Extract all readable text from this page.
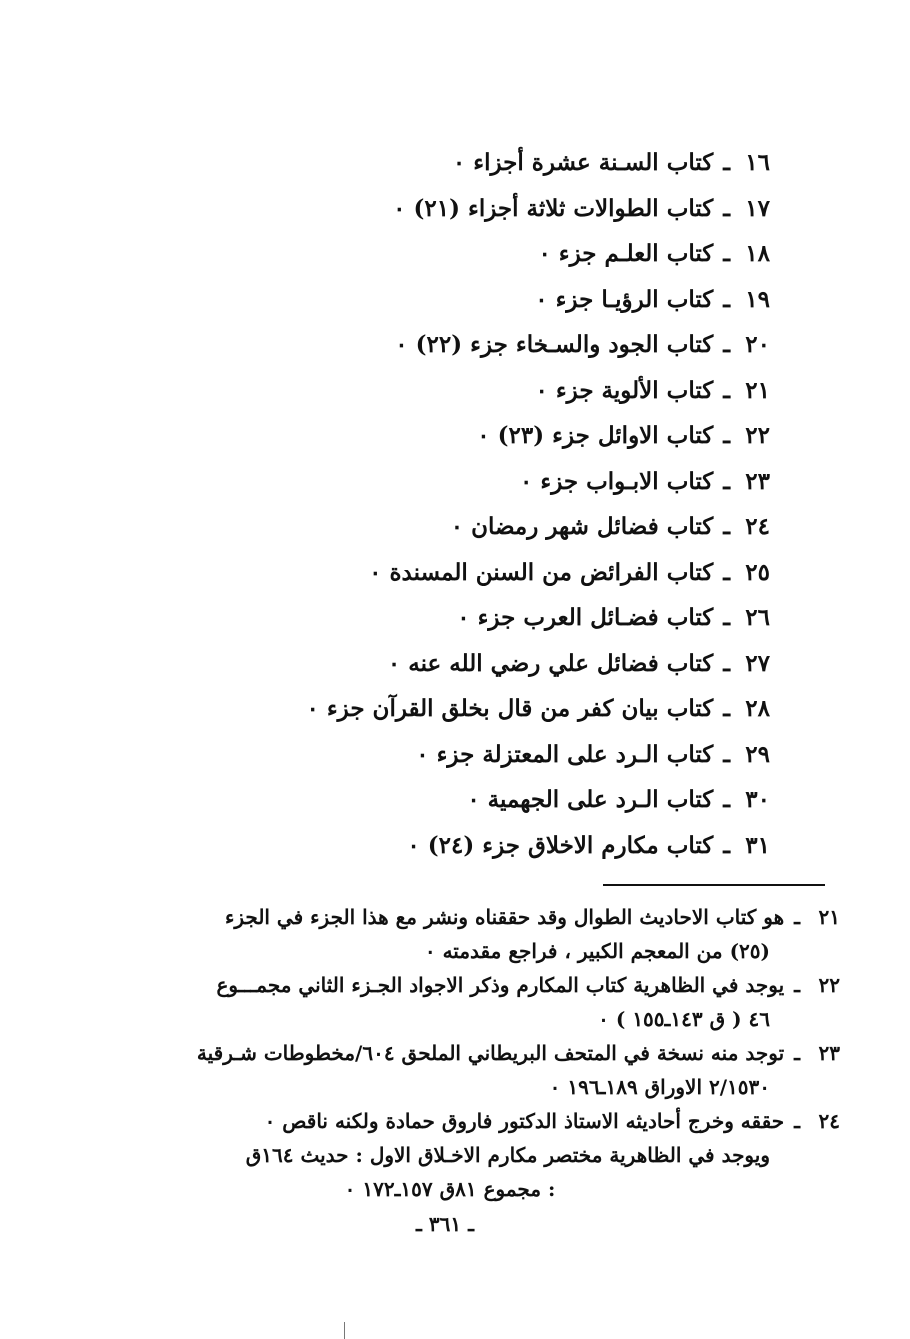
١٦ـكتاب السـنة عشرة أجزاء ٠
١٧ـكتاب الطوالات ثلاثة أجزاء (٢١) ٠
١٨ـكتاب العلـم جزء ٠
١٩ـكتاب الرؤيـا جزء ٠
٢٠ـكتاب الجود والسـخاء جزء (٢٢) ٠
٢١ـكتاب الألوية جزء ٠
٢٢ـكتاب الاوائل جزء (٢٣) ٠
٢٣ـكتاب الابـواب جزء ٠
٢٤ـكتاب فضائل شهر رمضان ٠
٢٥ـكتاب الفرائض من السنن المسندة ٠
٢٦ـكتاب فضـائل العرب جزء ٠
٢٧ـكتاب فضائل علي رضي الله عنه ٠
٢٨ـكتاب بيان كفر من قال بخلق القرآن جزء ٠
٢٩ـكتاب الـرد على المعتزلة جزء ٠
٣٠ـكتاب الـرد على الجهمية ٠
٣١ـكتاب مكارم الاخلاق جزء (٢٤) ٠
٢١ـهو كتاب الاحاديث الطوال وقد حققناه ونشر مع هذا الجزء في الجزء
(٢٥) من المعجم الكبير ، فراجع مقدمته ٠
٢٢ـيوجد في الظاهرية كتاب المكارم وذكر الاجواد الجـزء الثاني مجمـــوع
٤٦ ( ق ١٤٣ـ١٥٥ ) ٠
٢٣ـتوجد منه نسخة في المتحف البريطاني الملحق ٦٠٤/مخطوطات شـرقية
٢/١٥٣٠ الاوراق ١٨٩ـ١٩٦ ٠
٢٤ـحققه وخرج أحاديثه الاستاذ الدكتور فاروق حمادة ولكنه ناقص ٠
ويوجد في الظاهرية مختصر مكارم الاخـلاق الاول : حديث ١٦٤ق
: مجموع ٨١ق ١٥٧ـ١٧٢ ٠
ـ ٣٦١ ـ
